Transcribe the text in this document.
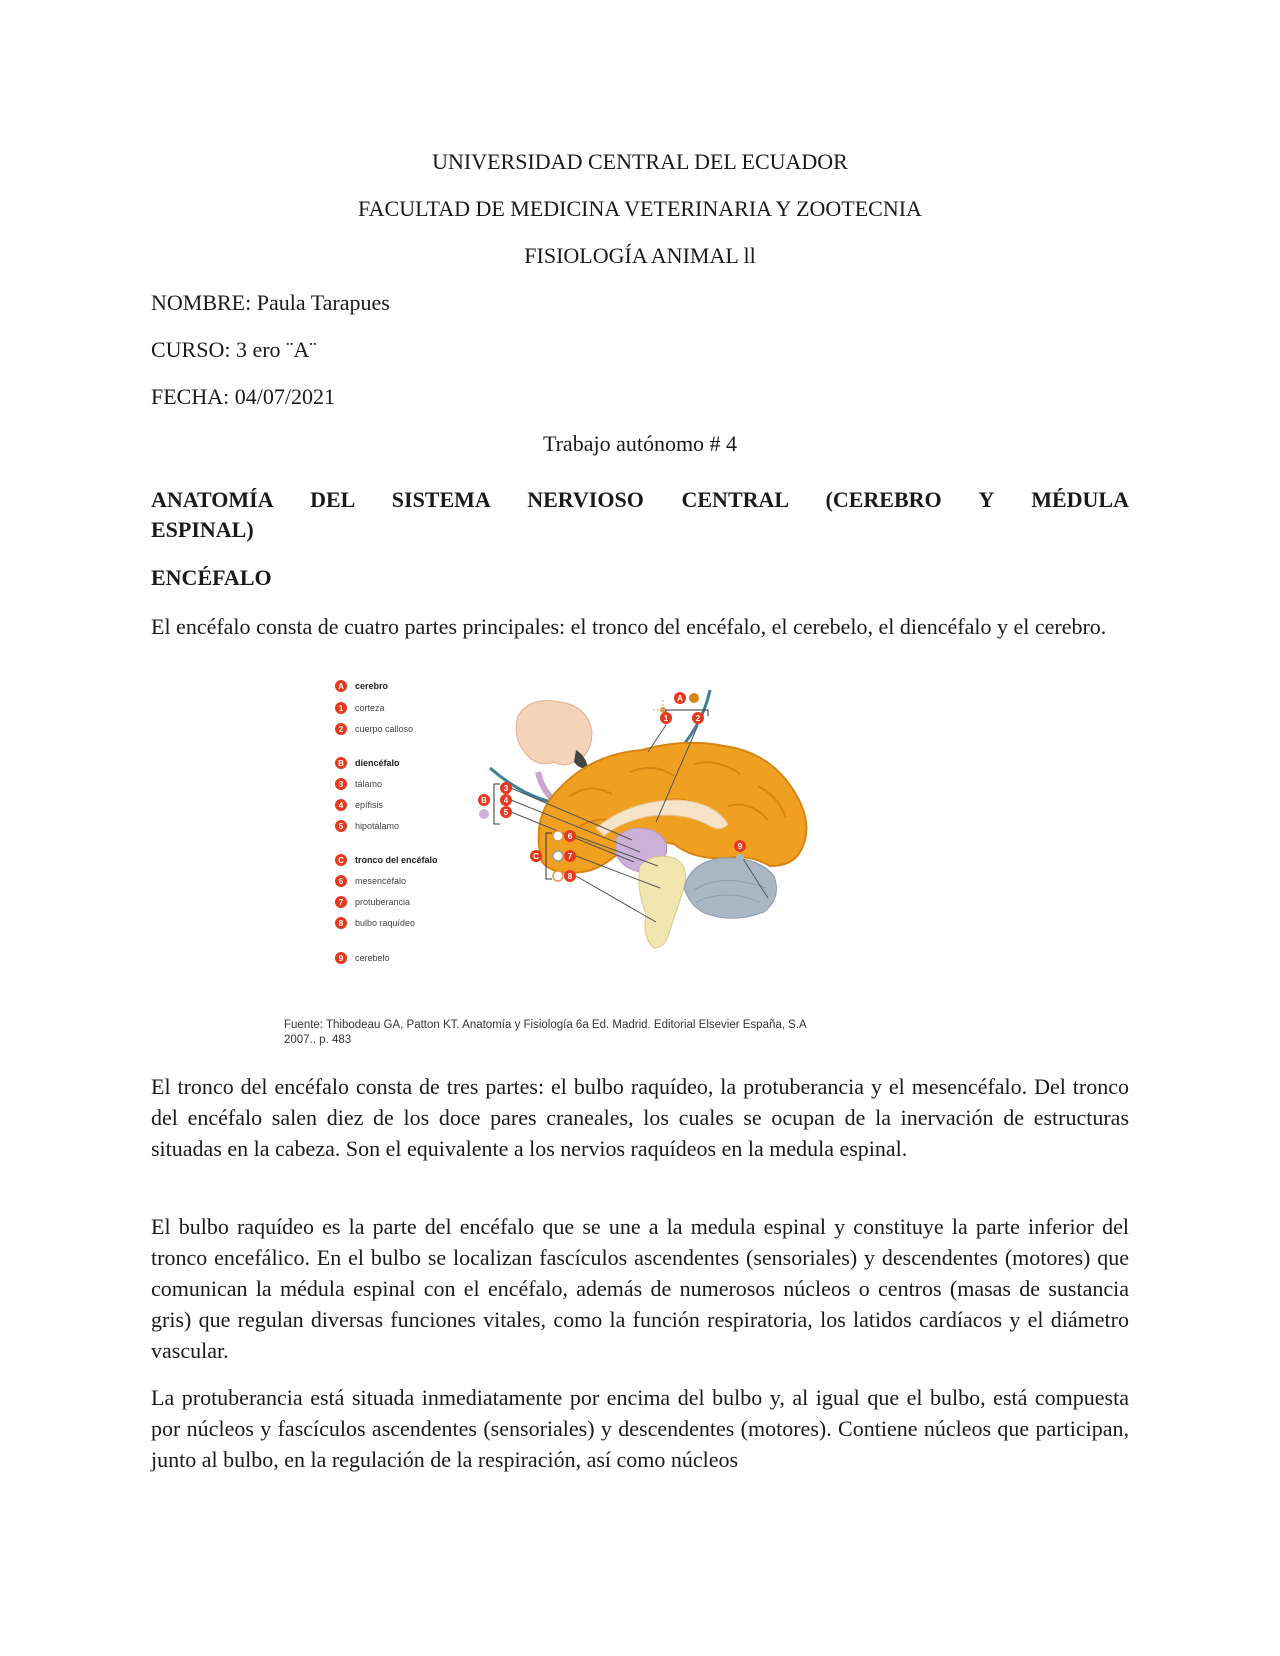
UNIVERSIDAD CENTRAL DEL ECUADOR
FACULTAD DE MEDICINA VETERINARIA Y ZOOTECNIA
FISIOLOGÍA ANIMAL ll
NOMBRE: Paula Tarapues
CURSO: 3 ero ¨A¨
FECHA: 04/07/2021
Trabajo autónomo # 4
ANATOMÍA DEL SISTEMA NERVIOSO CENTRAL (CEREBRO Y MÉDULA
ESPINAL)
ENCÉFALO
El encéfalo consta de cuatro partes principales: el tronco del encéfalo, el cerebelo, el diencéfalo y el cerebro.
A cerebro
1 corteza
2 cuerpo calloso
B diencéfalo
3 tálamo
4 epífisis
5 hipotálamo
C tronco del encéfalo
6 mesencéfalo
7 protuberancia
8 bulbo raquídeo
9 cerebelo
A
1	2
3
4
5
B
6
7
8
C
9
Fuente: Thibodeau GA, Patton KT. Anatomía y Fisiología 6a Ed. Madrid. Editorial Elsevier España, S.A
2007.. p. 483
El tronco del encéfalo consta de tres partes: el bulbo raquídeo, la protuberancia y el mesencéfalo. Del tronco del encéfalo salen diez de los doce pares craneales, los cuales se ocupan de la inervación de estructuras situadas en la cabeza. Son el equivalente a los nervios raquídeos en la medula espinal.
El bulbo raquídeo es la parte del encéfalo que se une a la medula espinal y constituye la parte inferior del tronco encefálico. En el bulbo se localizan fascículos ascendentes (sensoriales) y descendentes (motores) que comunican la médula espinal con el encéfalo, además de numerosos núcleos o centros (masas de sustancia gris) que regulan diversas funciones vitales, como la función respiratoria, los latidos cardíacos y el diámetro vascular.
La protuberancia está situada inmediatamente por encima del bulbo y, al igual que el bulbo, está compuesta por núcleos y fascículos ascendentes (sensoriales) y descendentes (motores). Contiene núcleos que participan, junto al bulbo, en la regulación de la respiración, así como núcleos
